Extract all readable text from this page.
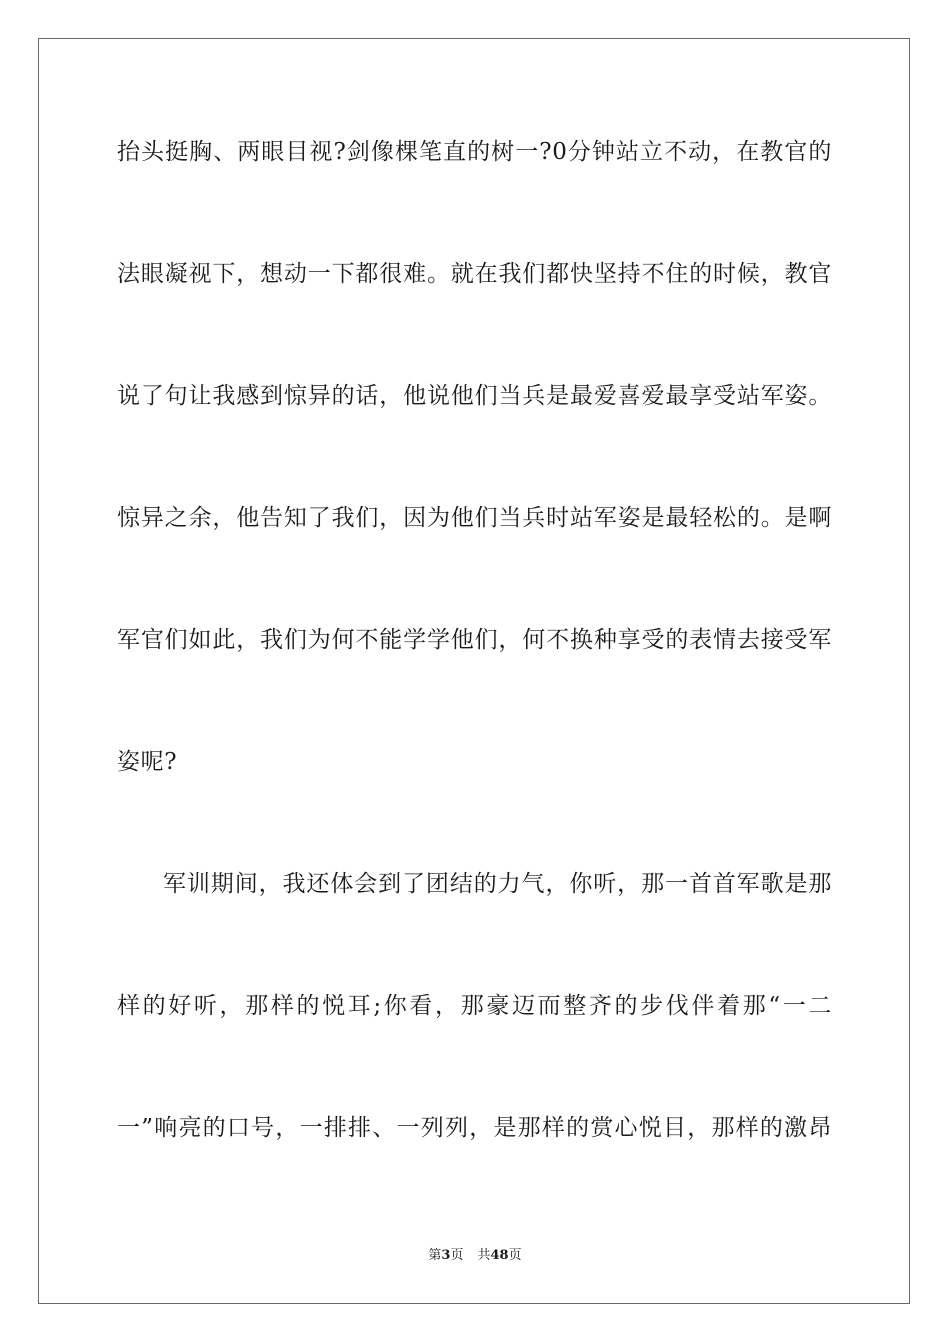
抬头挺胸、两眼目视?剑像棵笔直的树一?0分钟站立不动，在教官的
法眼凝视下，想动一下都很难。就在我们都快坚持不住的时候，教官
说了句让我感到惊异的话，他说他们当兵是最爱喜爱最享受站军姿。
惊异之余，他告知了我们，因为他们当兵时站军姿是最轻松的。是啊
军官们如此，我们为何不能学学他们，何不换种享受的表情去接受军
姿呢?
军训期间，我还体会到了团结的力气，你听，那一首首军歌是那
样的好听，那样的悦耳;你看，那豪迈而整齐的步伐伴着那“一二
一”响亮的口号，一排排、一列列，是那样的赏心悦目，那样的激昂
第3页 共48页
